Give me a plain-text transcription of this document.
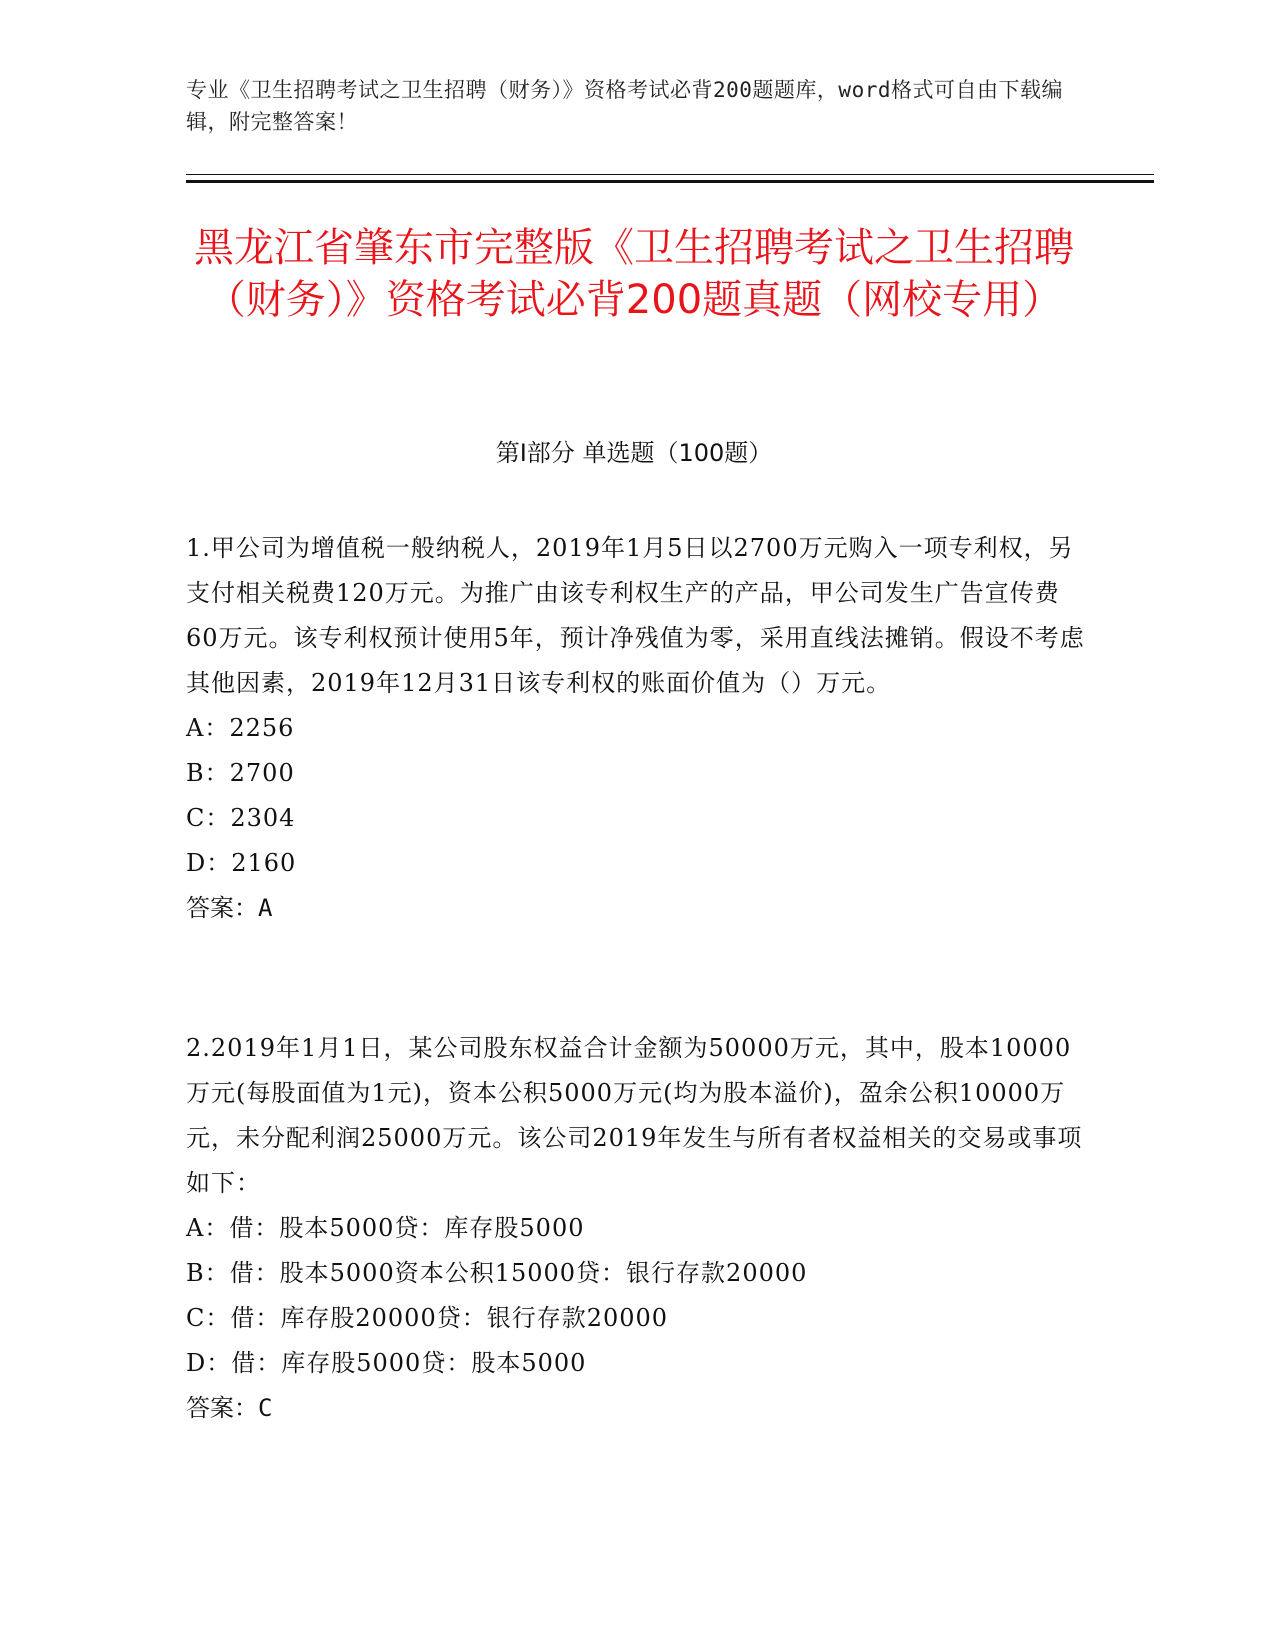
专业《卫生招聘考试之卫生招聘（财务）》资格考试必背200题题库，word格式可自由下载编辑，附完整答案！
黑龙江省肇东市完整版《卫生招聘考试之卫生招聘（财务）》资格考试必背200题真题（网校专用）
第Ⅰ部分 单选题（100题）

1.甲公司为增值税一般纳税人，2019年1月5日以2700万元购入一项专利权，另支付相关税费120万元。为推广由该专利权生产的产品，甲公司发生广告宣传费60万元。该专利权预计使用5年，预计净残值为零，采用直线法摊销。假设不考虑其他因素，2019年12月31日该专利权的账面价值为（）万元。

A：2256

B：2700

C：2304

D：2160

答案：A

2.2019年1月1日，某公司股东权益合计金额为50000万元，其中，股本10000万元(每股面值为1元)，资本公积5000万元(均为股本溢价)，盈余公积10000万元，未分配利润25000万元。该公司2019年发生与所有者权益相关的交易或事项如下：

A：借：股本5000贷：库存股5000

B：借：股本5000资本公积15000贷：银行存款20000

C：借：库存股20000贷：银行存款20000

D：借：库存股5000贷：股本5000

答案：C
